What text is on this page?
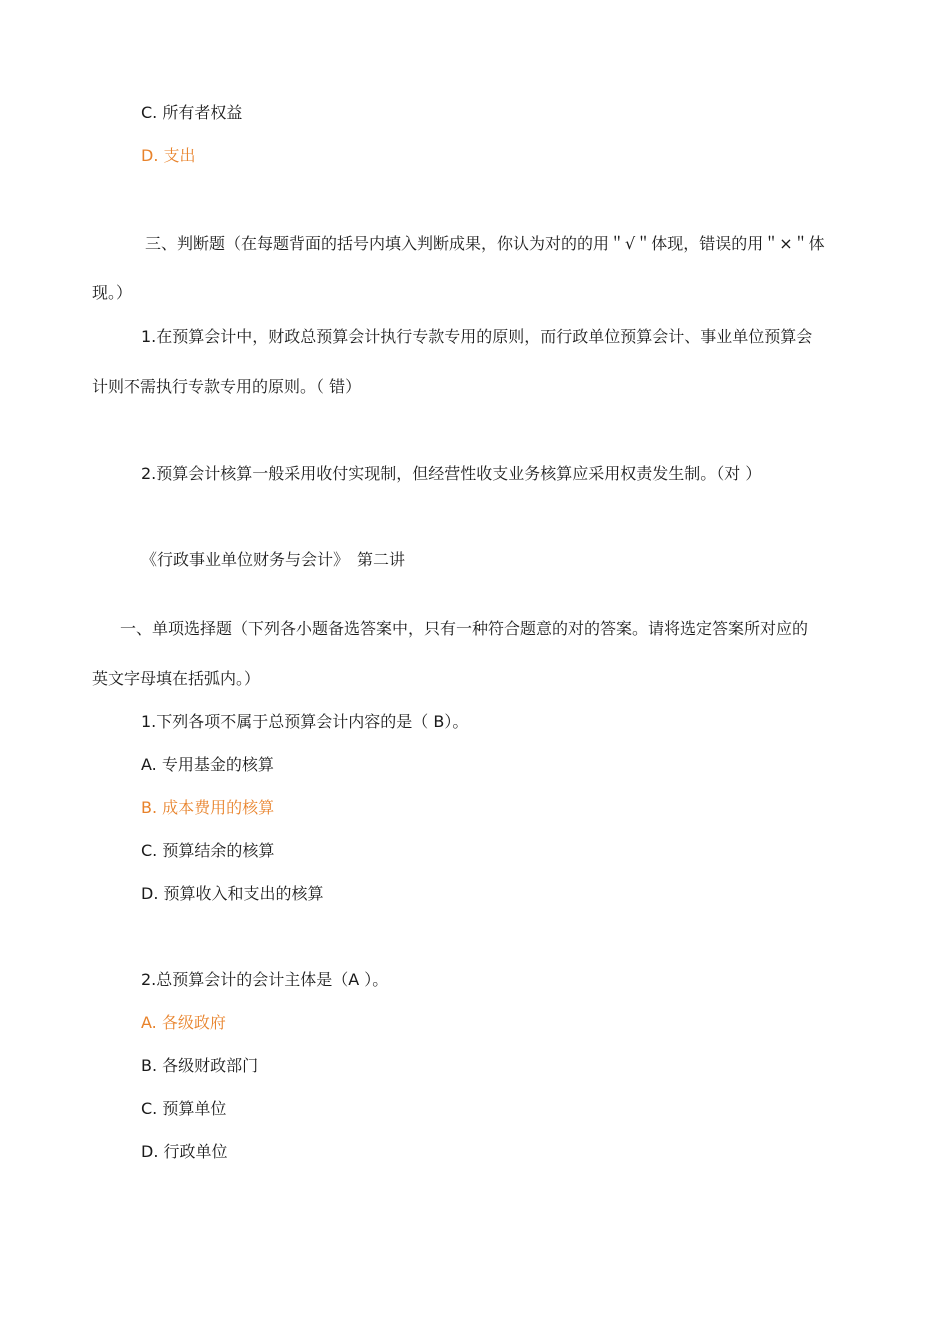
C. 所有者权益
D. 支出
三、判断题（在每题背面的括号内填入判断成果，你认为对的的用＂√＂体现，错误的用＂×＂体
现。）
1.在预算会计中，财政总预算会计执行专款专用的原则，而行政单位预算会计、事业单位预算会
计则不需执行专款专用的原则。（ 错）
2.预算会计核算一般采用收付实现制，但经营性收支业务核算应采用权责发生制。（对 ）
《行政事业单位财务与会计》　第二讲
一、单项选择题（下列各小题备选答案中，只有一种符合题意的对的答案。请将选定答案所对应的
英文字母填在括弧内。）
1.下列各项不属于总预算会计内容的是（ B）。
A. 专用基金的核算
B. 成本费用的核算
C. 预算结余的核算
D. 预算收入和支出的核算
2.总预算会计的会计主体是（A ）。
A. 各级政府
B. 各级财政部门
C. 预算单位
D. 行政单位
